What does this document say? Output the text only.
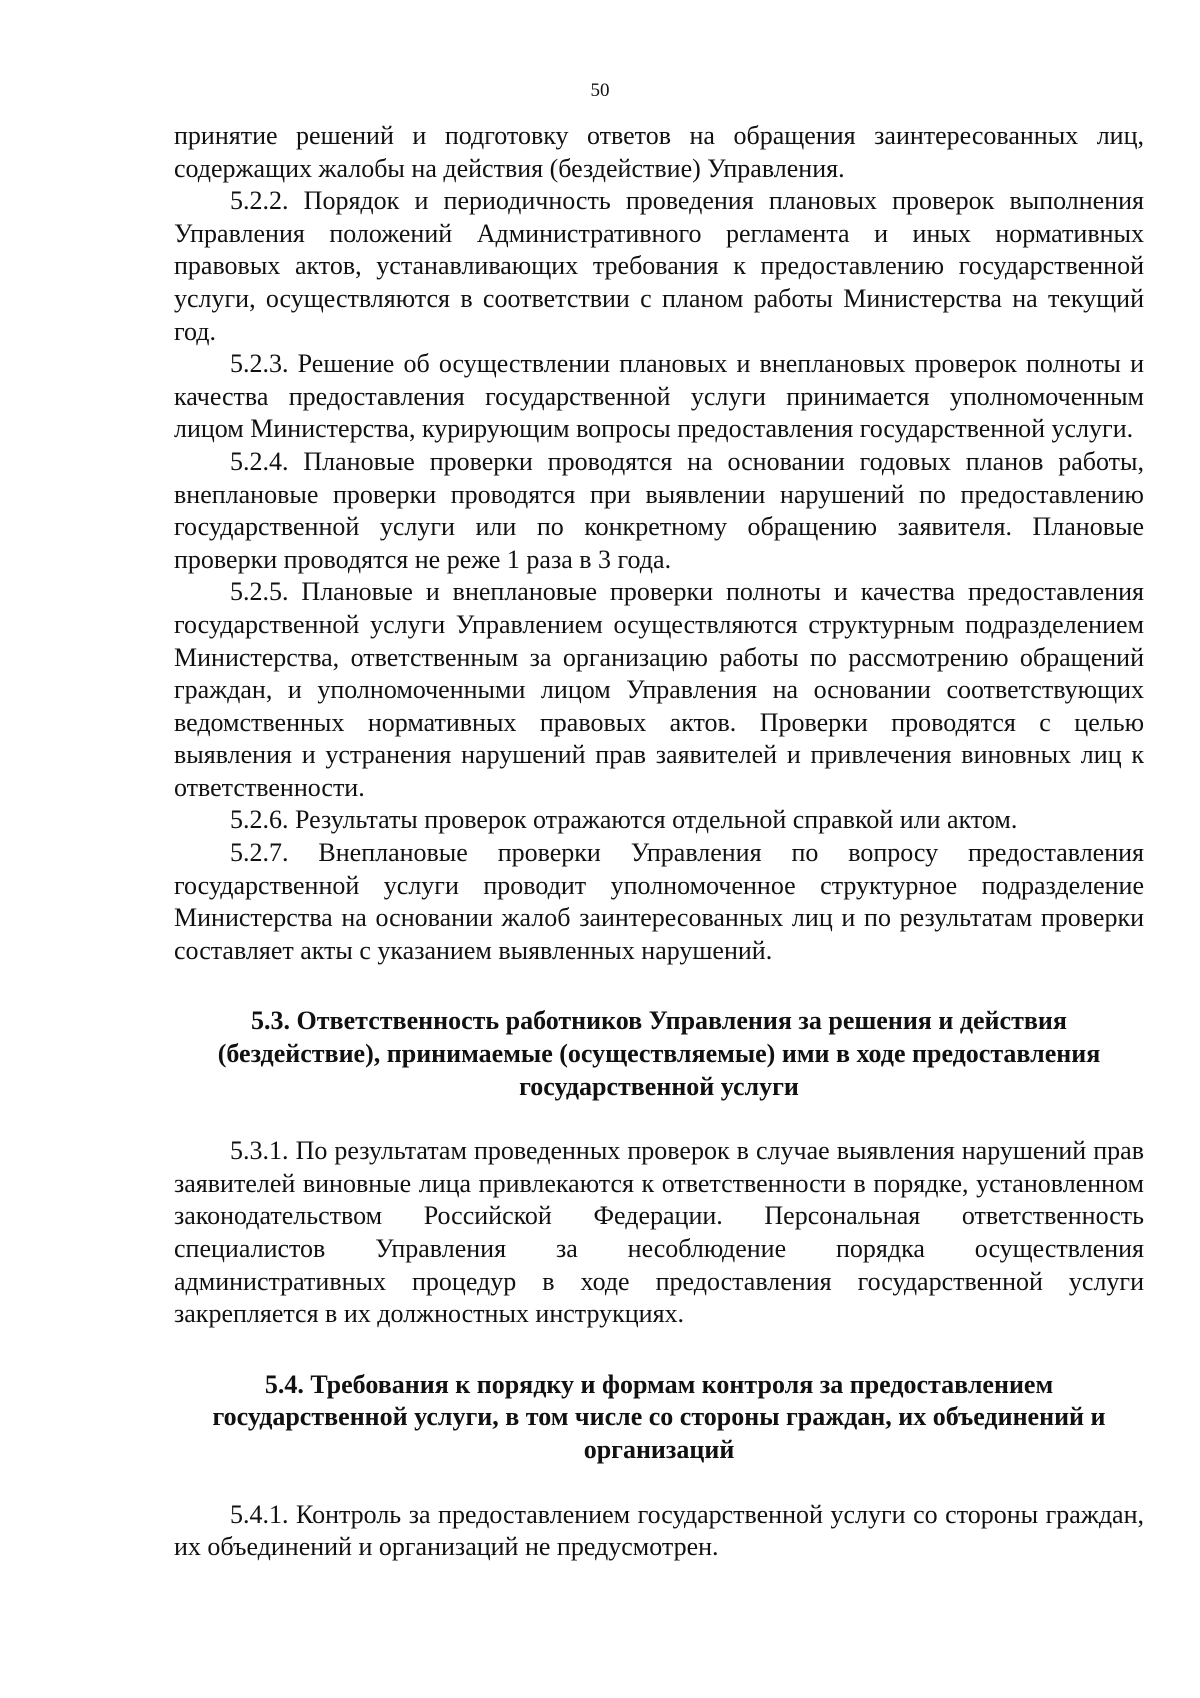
50

принятие решений и подготовку ответов на обращения заинтересованных лиц, содержащих жалобы на действия (бездействие) Управления.

5.2.2. Порядок и периодичность проведения плановых проверок выполнения Управления положений Административного регламента и иных нормативных правовых актов, устанавливающих требования к предоставлению государственной услуги, осуществляются в соответствии с планом работы Министерства на текущий год.

5.2.3. Решение об осуществлении плановых и внеплановых проверок полноты и качества предоставления государственной услуги принимается уполномоченным лицом Министерства, курирующим вопросы предоставления государственной услуги.

5.2.4. Плановые проверки проводятся на основании годовых планов работы, внеплановые проверки проводятся при выявлении нарушений по предоставлению государственной услуги или по конкретному обращению заявителя. Плановые проверки проводятся не реже 1 раза в 3 года.

5.2.5. Плановые и внеплановые проверки полноты и качества предоставления государственной услуги Управлением осуществляются структурным подразделением Министерства, ответственным за организацию работы по рассмотрению обращений граждан, и уполномоченными лицом Управления на основании соответствующих ведомственных нормативных правовых актов. Проверки проводятся с целью выявления и устранения нарушений прав заявителей и привлечения виновных лиц к ответственности.

5.2.6. Результаты проверок отражаются отдельной справкой или актом.

5.2.7. Внеплановые проверки Управления по вопросу предоставления государственной услуги проводит уполномоченное структурное подразделение Министерства на основании жалоб заинтересованных лиц и по результатам проверки составляет акты с указанием выявленных нарушений.

5.3. Ответственность работников Управления за решения и действия (бездействие), принимаемые (осуществляемые) ими в ходе предоставления государственной услуги

5.3.1. По результатам проведенных проверок в случае выявления нарушений прав заявителей виновные лица привлекаются к ответственности в порядке, установленном законодательством Российской Федерации. Персональная ответственность специалистов Управления за несоблюдение порядка осуществления административных процедур в ходе предоставления государственной услуги закрепляется в их должностных инструкциях.

5.4. Требования к порядку и формам контроля за предоставлением государственной услуги, в том числе со стороны граждан, их объединений и организаций

5.4.1. Контроль за предоставлением государственной услуги со стороны граждан, их объединений и организаций не предусмотрен.
